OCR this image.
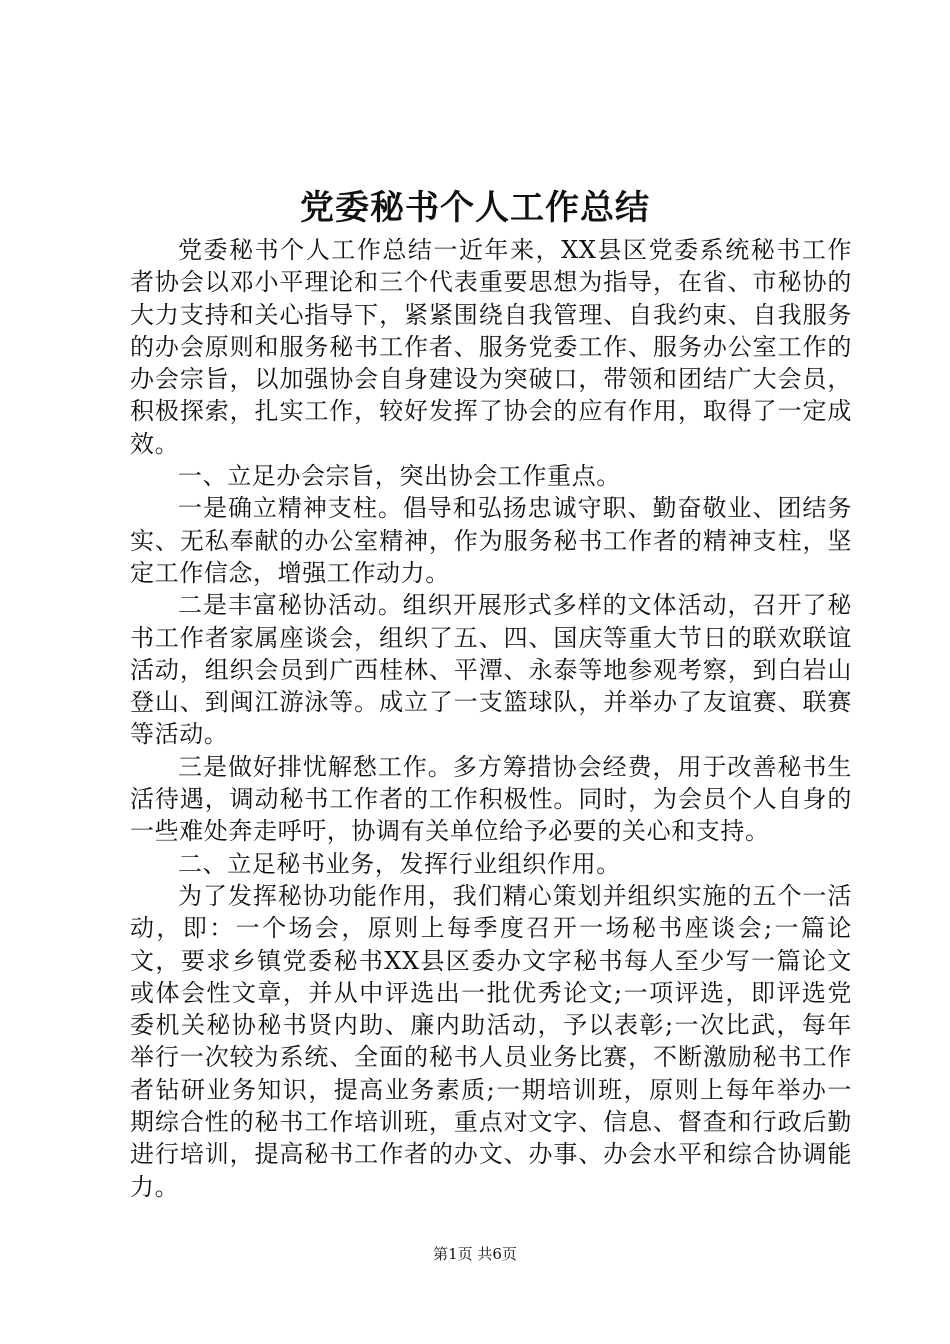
党委秘书个人工作总结

党委秘书个人工作总结一近年来，XX县区党委系统秘书工作者协会以邓小平理论和三个代表重要思想为指导，在省、市秘协的大力支持和关心指导下，紧紧围绕自我管理、自我约束、自我服务的办会原则和服务秘书工作者、服务党委工作、服务办公室工作的办会宗旨，以加强协会自身建设为突破口，带领和团结广大会员，积极探索，扎实工作，较好发挥了协会的应有作用，取得了一定成效。

一、立足办会宗旨，突出协会工作重点。

一是确立精神支柱。倡导和弘扬忠诚守职、勤奋敬业、团结务实、无私奉献的办公室精神，作为服务秘书工作者的精神支柱，坚定工作信念，增强工作动力。

二是丰富秘协活动。组织开展形式多样的文体活动，召开了秘书工作者家属座谈会，组织了五、四、国庆等重大节日的联欢联谊活动，组织会员到广西桂林、平潭、永泰等地参观考察，到白岩山登山、到闽江游泳等。成立了一支篮球队，并举办了友谊赛、联赛等活动。

三是做好排忧解愁工作。多方筹措协会经费，用于改善秘书生活待遇，调动秘书工作者的工作积极性。同时，为会员个人自身的一些难处奔走呼吁，协调有关单位给予必要的关心和支持。

二、立足秘书业务，发挥行业组织作用。

为了发挥秘协功能作用，我们精心策划并组织实施的五个一活动，即：一个场会，原则上每季度召开一场秘书座谈会;一篇论文，要求乡镇党委秘书XX县区委办文字秘书每人至少写一篇论文或体会性文章，并从中评选出一批优秀论文;一项评选，即评选党委机关秘协秘书贤内助、廉内助活动，予以表彰;一次比武，每年举行一次较为系统、全面的秘书人员业务比赛，不断激励秘书工作者钻研业务知识，提高业务素质;一期培训班，原则上每年举办一期综合性的秘书工作培训班，重点对文字、信息、督查和行政后勤进行培训，提高秘书工作者的办文、办事、办会水平和综合协调能力。

第1页 共6页
